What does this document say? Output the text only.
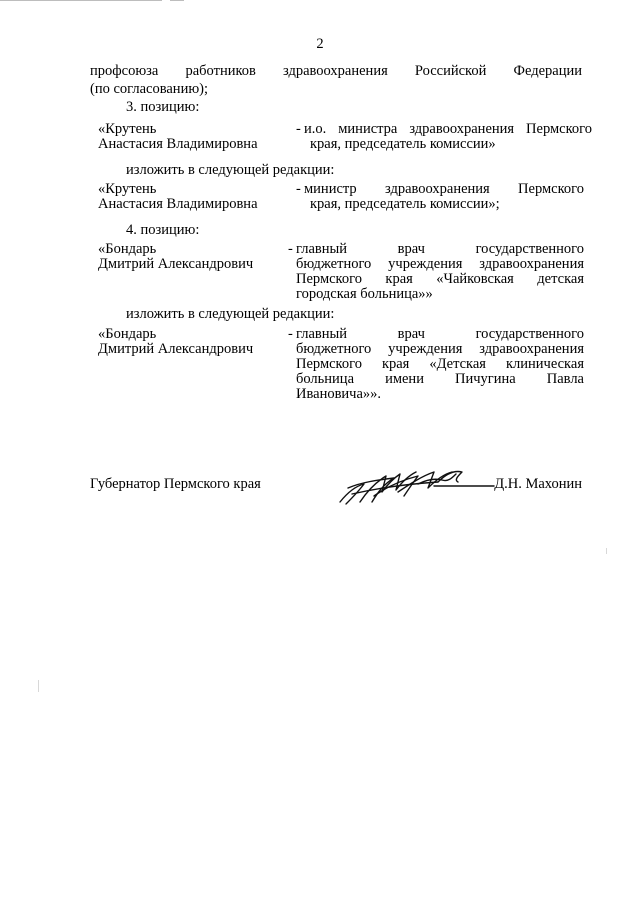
2
профсоюза работников здравоохранения Российской Федерации
(по согласованию);
3. позицию:
«Крутень
Анастасия Владимировна
- и.о. министра здравоохранения Пермского
края, председатель комиссии»
изложить в следующей редакции:
«Крутень
Анастасия Владимировна
- министр здравоохранения Пермского
края, председатель комиссии»;
4. позицию:
«Бондарь
Дмитрий Александрович
- главный врач государственного
бюджетного учреждения здравоохранения
Пермского края «Чайковская детская
городская больница»»
изложить в следующей редакции:
«Бондарь
Дмитрий Александрович
- главный врач государственного
бюджетного учреждения здравоохранения
Пермского края «Детская клиническая
больница имени Пичугина Павла
Ивановича»».
Губернатор Пермского края	Д.Н. Махонин
